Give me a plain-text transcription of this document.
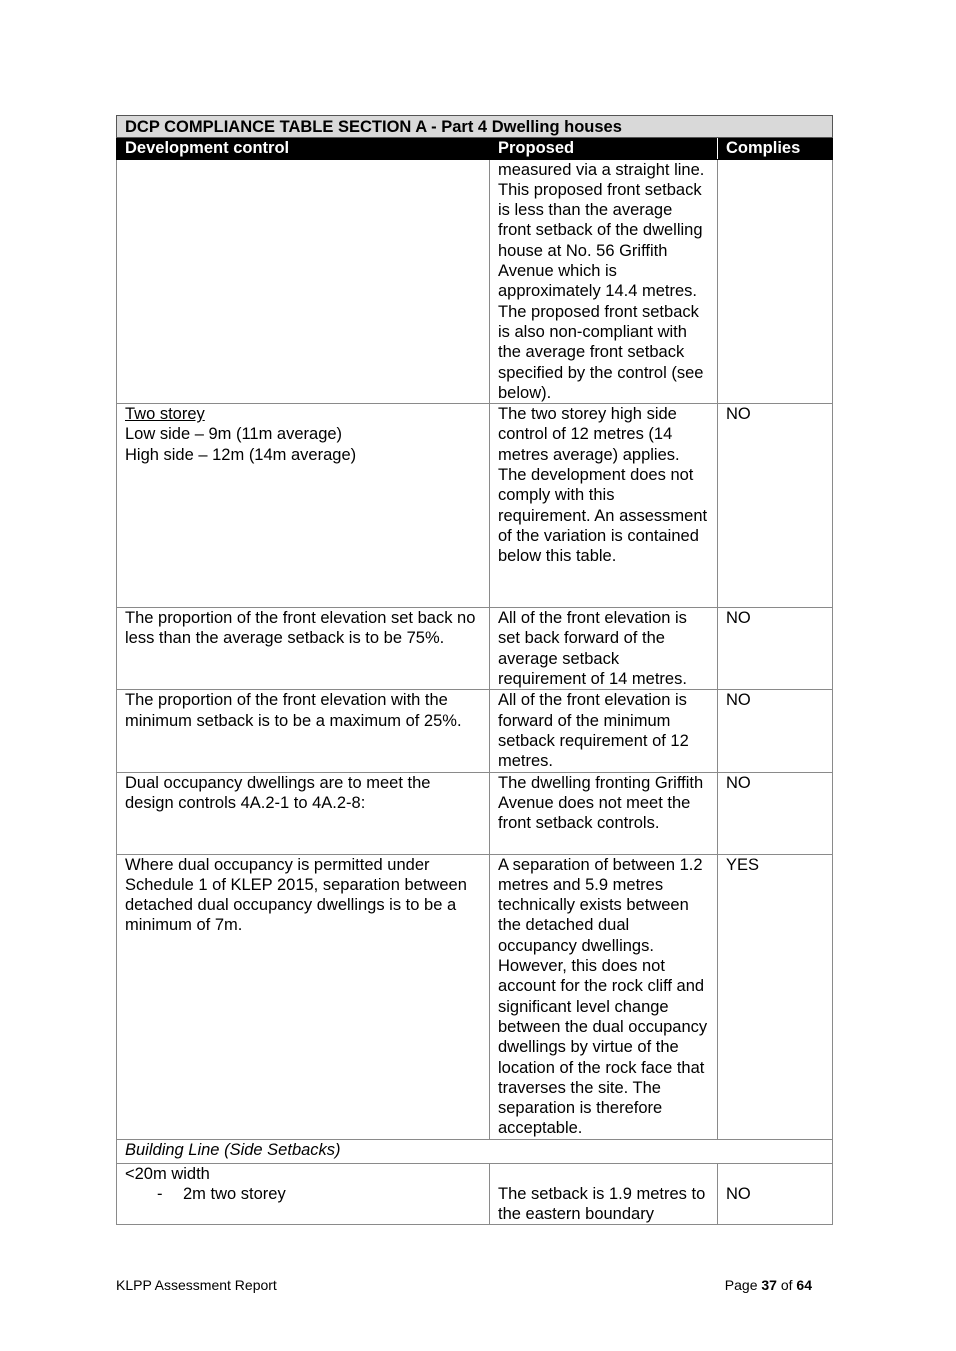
DCP COMPLIANCE TABLE SECTION A - Part 4 Dwelling houses		
Development control	Proposed	Complies
	measured via a straight line. This proposed front setback is less than the average front setback of the dwelling house at No. 56 Griffith Avenue which is approximately 14.4 metres. The proposed front setback is also non-compliant with the average front setback specified by the control (see below).	

Two storey
Low side – 9m (11m average)
High side – 12m (14m average)	The two storey high side control of 12 metres (14 metres average) applies. The development does not comply with this requirement. An assessment of the variation is contained below this table.	NO
The proportion of the front elevation set back no less than the average setback is to be 75%.	All of the front elevation is set back forward of the average setback requirement of 14 metres.	NO
The proportion of the front elevation with the minimum setback is to be a maximum of 25%.	All of the front elevation is forward of the minimum setback requirement of 12 metres.	NO
Dual occupancy dwellings are to meet the design controls 4A.2-1 to 4A.2-8:	The dwelling fronting Griffith Avenue does not meet the front setback controls.	NO
Where dual occupancy is permitted under Schedule 1 of KLEP 2015, separation between detached dual occupancy dwellings is to be a minimum of 7m.	A separation of between 1.2 metres and 5.9 metres technically exists between the detached dual occupancy dwellings. However, this does not account for the rock cliff and significant level change between the dual occupancy dwellings by virtue of the location of the rock face that traverses the site. The separation is therefore acceptable.	YES
Building Line (Side Setbacks)		

<20m width
- 2m two storey	The setback is 1.9 metres to the eastern boundary	NO
KLPP Assessment Report	Page 37 of 64
